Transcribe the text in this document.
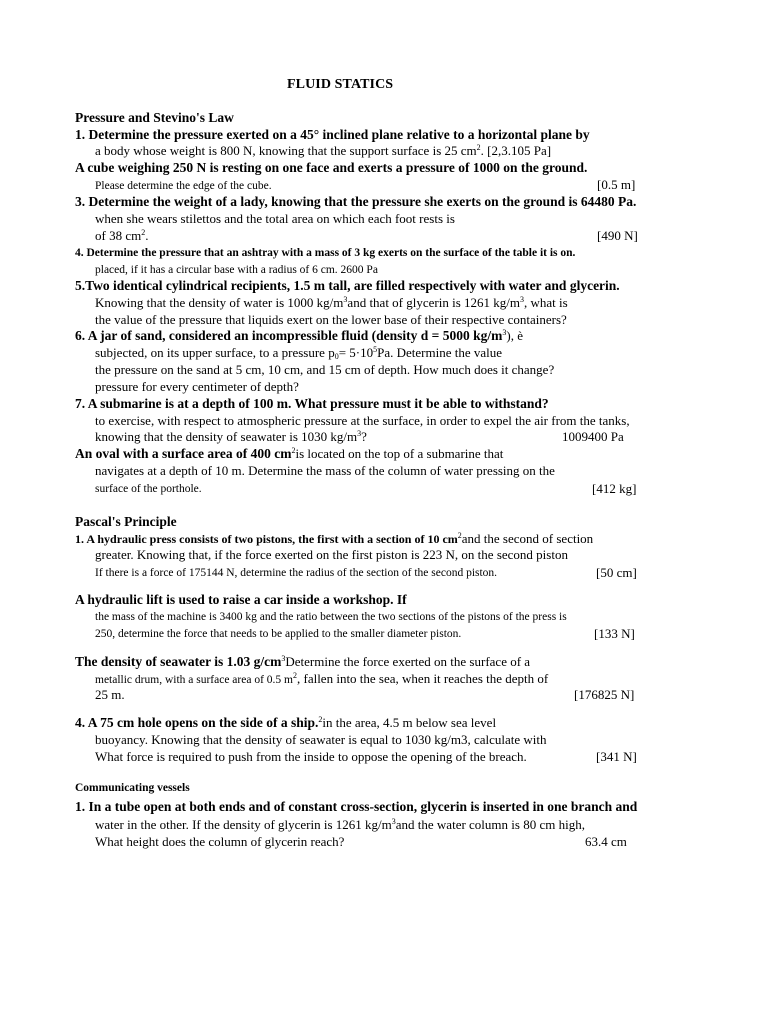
FLUID STATICS
Pressure and Stevino's Law
1. Determine the pressure exerted on a 45° inclined plane relative to a horizontal plane by
a body whose weight is 800 N, knowing that the support surface is 25 $cm^2$. [2,3.105 Pa]
A cube weighing 250 N is resting on one face and exerts a pressure of 1000 on the ground.
Please determine the edge of the cube.	[0.5 m]
3. Determine the weight of a lady, knowing that the pressure she exerts on the ground is 64480 Pa.
when she wears stilettos and the total area on which each foot rests is
of 38 $cm^2$.	[490 N]
4. Determine the pressure that an ashtray with a mass of 3 kg exerts on the surface of the table it is on.
placed, if it has a circular base with a radius of 6 cm. 2600 Pa
5.Two identical cylindrical recipients, 1.5 m tall, are filled respectively with water and glycerin.
Knowing that the density of water is 1000 $kg/m^3and$ that of glycerin is 1261 $kg/m^3$, what is
the value of the pressure that liquids exert on the lower base of their respective containers?
6. A jar of sand, considered an incompressible fluid (density d = 5000 $kg/m^3$), è
subjected, on its upper surface, to a pressure $p_0= 5\cdot 10^5Pa$. Determine the value
the pressure on the sand at 5 cm, 10 cm, and 15 cm of depth. How much does it change?
pressure for every centimeter of depth?
7. A submarine is at a depth of 100 m. What pressure must it be able to withstand?
to exercise, with respect to atmospheric pressure at the surface, in order to expel the air from the tanks,
knowing that the density of seawater is 1030 $kg/m^3$?	1009400 Pa
An oval with a surface area of 400 $cm^2is$ located on the top of a submarine that
navigates at a depth of 10 m. Determine the mass of the column of water pressing on the
surface of the porthole.	[412 kg]
Pascal's Principle
1. A hydraulic press consists of two pistons, the first with a section of 10 $cm^2and$ the second of section
greater. Knowing that, if the force exerted on the first piston is 223 N, on the second piston
If there is a force of 175144 N, determine the radius of the section of the second piston.	[50 cm]
A hydraulic lift is used to raise a car inside a workshop. If
the mass of the machine is 3400 kg and the ratio between the two sections of the pistons of the press is
250, determine the force that needs to be applied to the smaller diameter piston.	[133 N]
The density of seawater is 1.03 $g/cm^3Determine$ the force exerted on the surface of a
metallic drum, with a surface area of 0.5 $m^2$, fallen into the sea, when it reaches the depth of
25 m.	[176825 N]
4. A 75 cm hole opens on the side of a ship.$^2$in the area, 4.5 m below sea level
buoyancy. Knowing that the density of seawater is equal to 1030 kg/m3, calculate with
What force is required to push from the inside to oppose the opening of the breach.	[341 N]
Communicating vessels
1. In a tube open at both ends and of constant cross-section, glycerin is inserted in one branch and
water in the other. If the density of glycerin is 1261 $kg/m^3and$ the water column is 80 cm high,
What height does the column of glycerin reach?	63.4 cm
